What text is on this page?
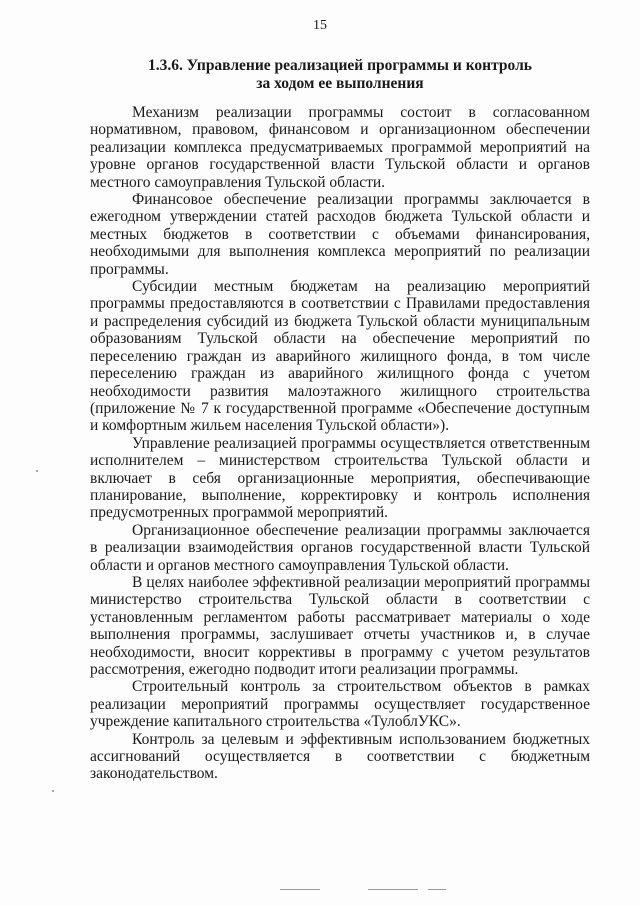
15
1.3.6. Управление реализацией программы и контроль
за ходом ее выполнения

Механизм реализации программы состоит в согласованном нормативном, правовом, финансовом и организационном обеспечении реализации комплекса предусматриваемых программой мероприятий на уровне органов государственной власти Тульской области и органов местного самоуправления Тульской области.

Финансовое обеспечение реализации программы заключается в ежегодном утверждении статей расходов бюджета Тульской области и местных бюджетов в соответствии с объемами финансирования, необходимыми для выполнения комплекса мероприятий по реализации программы.

Субсидии местным бюджетам на реализацию мероприятий программы предоставляются в соответствии с Правилами предоставления и распределения субсидий из бюджета Тульской области муниципальным образованиям Тульской области на обеспечение мероприятий по переселению граждан из аварийного жилищного фонда, в том числе переселению граждан из аварийного жилищного фонда с учетом необходимости развития малоэтажного жилищного строительства (приложение № 7 к государственной программе «Обеспечение доступным и комфортным жильем населения Тульской области»).

Управление реализацией программы осуществляется ответственным исполнителем – министерством строительства Тульской области и включает в себя организационные мероприятия, обеспечивающие планирование, выполнение, корректировку и контроль исполнения предусмотренных программой мероприятий.

Организационное обеспечение реализации программы заключается в реализации взаимодействия органов государственной власти Тульской области и органов местного самоуправления Тульской области.

В целях наиболее эффективной реализации мероприятий программы министерство строительства Тульской области в соответствии с установленным регламентом работы рассматривает материалы о ходе выполнения программы, заслушивает отчеты участников и, в случае необходимости, вносит коррективы в программу с учетом результатов рассмотрения, ежегодно подводит итоги реализации программы.

Строительный контроль за строительством объектов в рамках реализации мероприятий программы осуществляет государственное учреждение капитального строительства «ТулоблУКС».

Контроль за целевым и эффективным использованием бюджетных ассигнований осуществляется в соответствии с бюджетным законодательством.
